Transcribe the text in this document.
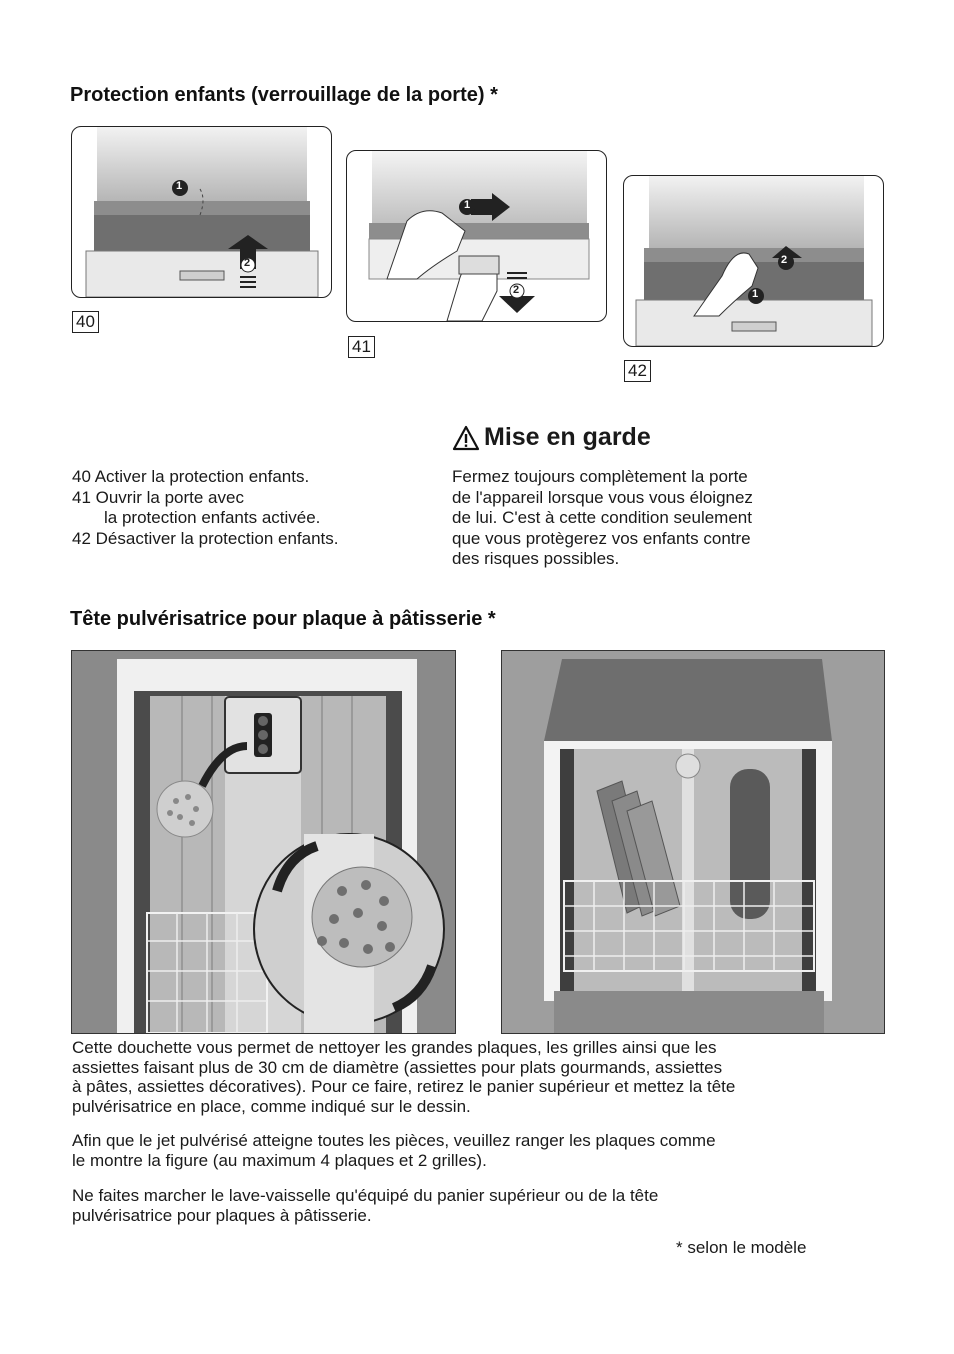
Protection enfants (verrouillage de la porte) *
1
2
40
1
2
41
2
1
42
40 Activer la protection enfants.
41 Ouvrir la porte avec
la protection enfants activée.
42 Désactiver la protection enfants.
Mise en garde
Fermez toujours complètement la porte
de l'appareil lorsque vous vous éloignez
de lui. C'est à cette condition seulement
que vous protègerez vos enfants contre
des risques possibles.
Tête pulvérisatrice pour plaque à pâtisserie *
Cette douchette vous permet de nettoyer les grandes plaques, les grilles ainsi que les
assiettes faisant plus de 30 cm de diamètre (assiettes pour plats gourmands, assiettes
à pâtes, assiettes décoratives). Pour ce faire, retirez le panier supérieur et mettez la tête
pulvérisatrice en place, comme indiqué sur le dessin.
Afin que le jet pulvérisé atteigne toutes les pièces, veuillez ranger les plaques comme
le montre la figure (au maximum 4 plaques et 2 grilles).
Ne faites marcher le lave-vaisselle qu'équipé du panier supérieur ou de la tête
pulvérisatrice pour plaques à pâtisserie.
* selon le modèle
